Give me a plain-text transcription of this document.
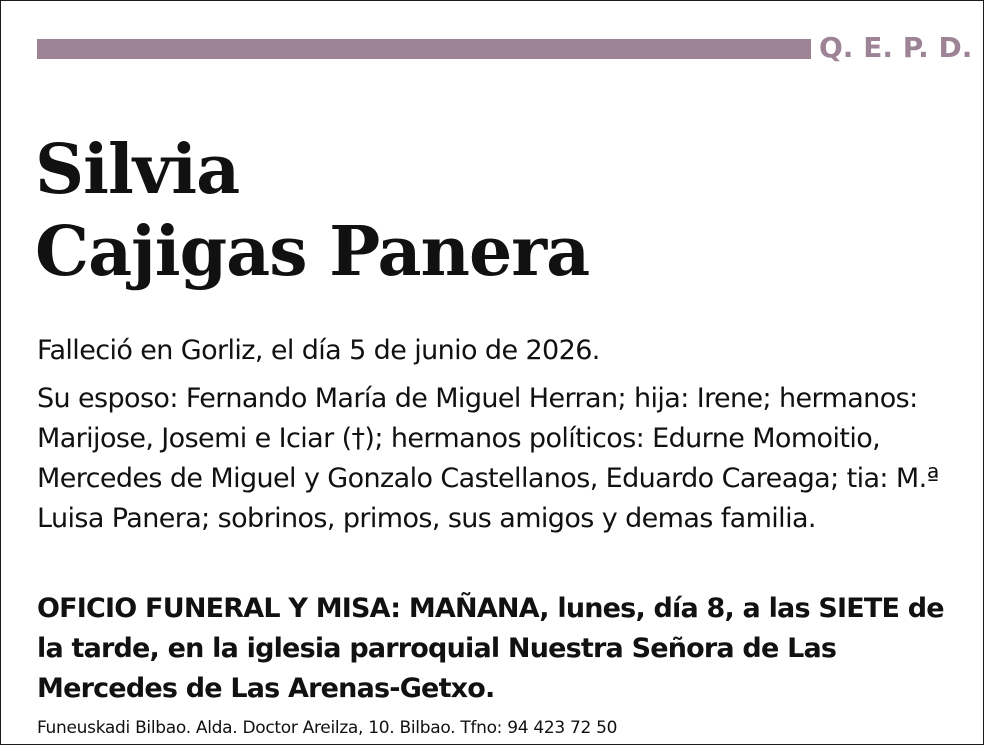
Q. E. P. D.
Silvia
Cajigas Panera
Falleció en Gorliz, el día 5 de junio de 2026.
Su esposo: Fernando María de Miguel Herran; hija: Irene; hermanos: Marijose, Josemi e Iciar (†); hermanos políticos: Edurne Momoitio, Mercedes de Miguel y Gonzalo Castellanos, Eduardo Careaga; tia: M.ª Luisa Panera; sobrinos, primos, sus amigos y demas familia.
OFICIO FUNERAL Y MISA: MAÑANA, lunes, día 8, a las SIETE de la tarde, en la iglesia parroquial Nuestra Señora de Las Mercedes de Las Arenas-Getxo.
Funeuskadi Bilbao. Alda. Doctor Areilza, 10. Bilbao. Tfno: 94 423 72 50
